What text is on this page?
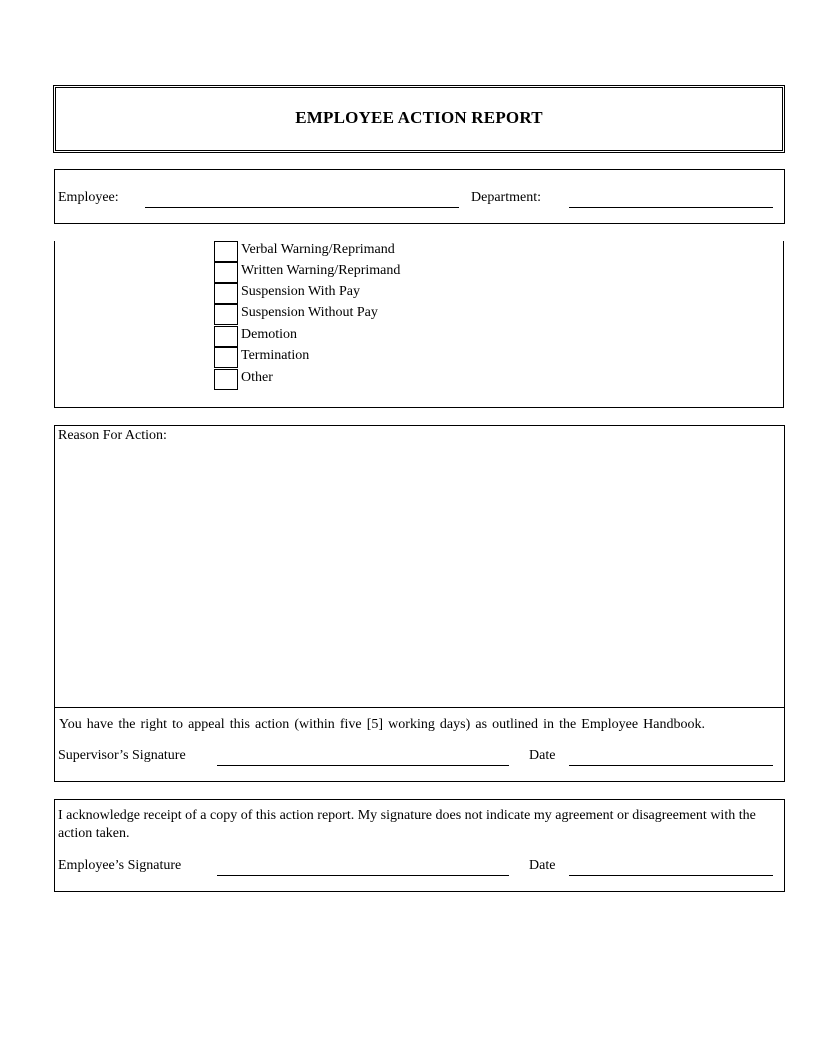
EMPLOYEE ACTION REPORT
Employee:	Department:
Verbal Warning/Reprimand
Written Warning/Reprimand
Suspension With Pay
Suspension Without Pay
Demotion
Termination
Other
Reason For Action:
You have the right to appeal this action (within five [5] working days) as outlined in the Employee Handbook.
Supervisor’s Signature	Date
I acknowledge receipt of a copy of this action report. My signature does not indicate my agreement or disagreement with the action taken.
Employee’s Signature	Date
